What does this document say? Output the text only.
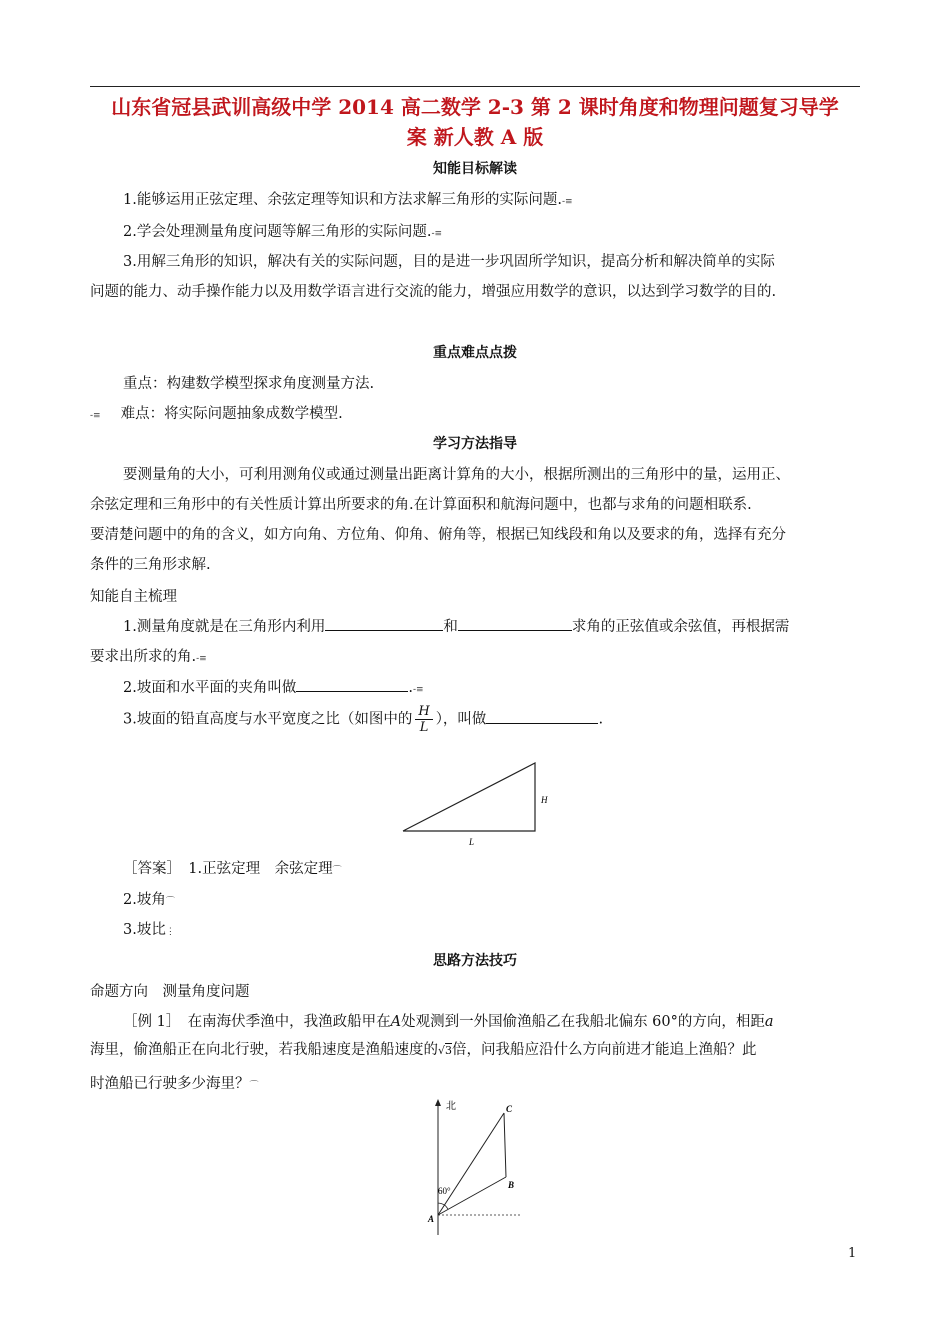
山东省冠县武训高级中学 2014 高二数学 2-3 第 2 课时角度和物理问题复习导学
案 新人教 A 版
知能目标解读
1.能够运用正弦定理、余弦定理等知识和方法求解三角形的实际问题.-≡
2.学会处理测量角度问题等解三角形的实际问题.-≡
3.用解三角形的知识，解决有关的实际问题，目的是进一步巩固所学知识，提高分析和解决简单的实际
问题的能力、动手操作能力以及用数学语言进行交流的能力，增强应用数学的意识，以达到学习数学的目的.
重点难点点拨
重点：构建数学模型探求角度测量方法.
-≡ 难点：将实际问题抽象成数学模型.
学习方法指导
要测量角的大小，可利用测角仪或通过测量出距离计算角的大小，根据所测出的三角形中的量，运用正、
余弦定理和三角形中的有关性质计算出所要求的角.在计算面积和航海问题中，也都与求角的问题相联系.
要清楚问题中的角的含义，如方向角、方位角、仰角、俯角等，根据已知线段和角以及要求的角，选择有充分
条件的三角形求解.
知能自主梳理
1.测量角度就是在三角形内利用	和	求角的正弦值或余弦值，再根据需
要求出所求的角.-≡
2.坡面和水平面的夹角叫做	.-≡
3.坡面的铅直高度与水平宽度之比（如图中的 $\frac{H}{L}$ ），叫做	.
H
L
［答案］　1.正弦定理　余弦定理⌒
2.坡角⌒
3.坡比⋮
思路方法技巧
命题方向　测量角度问题
［例 1］　在南海伏季渔中，我渔政船甲在A处观测到一外国偷渔船乙在我船北偏东 60°的方向，相距a
海里，偷渔船正在向北行驶，若我船速度是渔船速度的√3倍，问我船应沿什么方向前进才能追上渔船？此
时渔船已行驶多少海里？⌒
北
60°
A
B
C
1
